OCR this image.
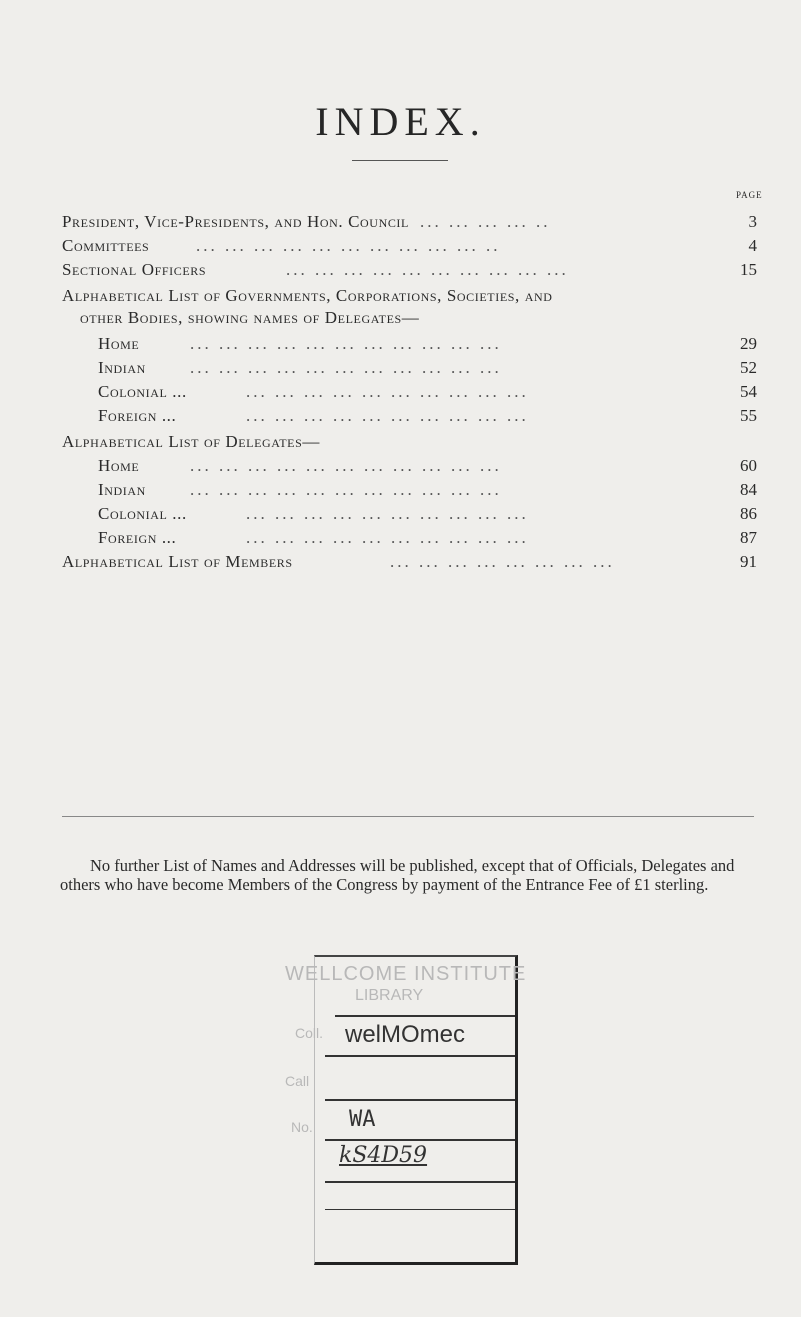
INDEX.
PAGE
President, Vice-Presidents, and Hon. Council ... ... ... ... ..	3
Committees	... ... ... ... ... ... ... ... ... ... ..	4
Sectional Officers	... ... ... ... ... ... ... ... ... ...	15
Alphabetical List of Governments, Corporations, Societies, and
other Bodies, showing names of Delegates—
Home	... ... ... ... ... ... ... ... ... ... ...	29
Indian	... ... ... ... ... ... ... ... ... ... ...	52
Colonial ...	... ... ... ... ... ... ... ... ... ...	54
Foreign ...	... ... ... ... ... ... ... ... ... ...	55
Alphabetical List of Delegates—
Home	... ... ... ... ... ... ... ... ... ... ...	60
Indian	... ... ... ... ... ... ... ... ... ... ...	84
Colonial ...	... ... ... ... ... ... ... ... ... ...	86
Foreign ...	... ... ... ... ... ... ... ... ... ...	87
Alphabetical List of Members	... ... ... ... ... ... ... ...	91

No further List of Names and Addresses will be published, except that of Officials, Delegates and others who have become Members of the Congress by payment of the Entrance Fee of £1 sterling.

WELLCOME INSTITUTE
LIBRARY
Coll. welMOmec
Call
No. WA
kS4D59
